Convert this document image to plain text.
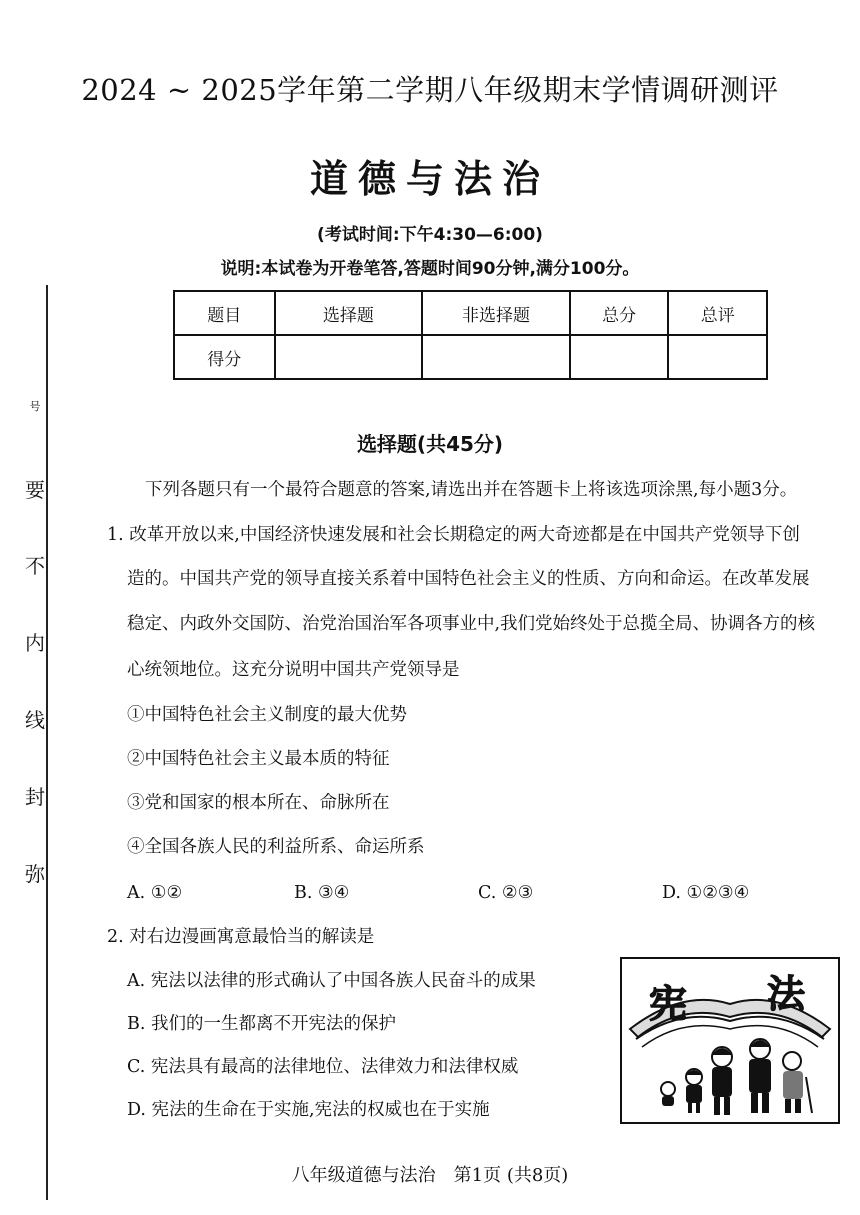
2024 ~ 2025学年第二学期八年级期末学情调研测评
道德与法治
(考试时间:下午4:30—6:00)
说明:本试卷为开卷笔答,答题时间90分钟,满分100分。
题目	选择题	非选择题	总分	总评
得分				
号
要
不
内
线
封
弥
选择题(共45分)
下列各题只有一个最符合题意的答案,请选出并在答题卡上将该选项涂黑,每小题3分。
1. 改革开放以来,中国经济快速发展和社会长期稳定的两大奇迹都是在中国共产党领导下创
造的。中国共产党的领导直接关系着中国特色社会主义的性质、方向和命运。在改革发展
稳定、内政外交国防、治党治国治军各项事业中,我们党始终处于总揽全局、协调各方的核
心统领地位。这充分说明中国共产党领导是
①中国特色社会主义制度的最大优势
②中国特色社会主义最本质的特征
③党和国家的根本所在、命脉所在
④全国各族人民的利益所系、命运所系
A. ①②	B. ③④	C. ②③	D. ①②③④
2. 对右边漫画寓意最恰当的解读是
A. 宪法以法律的形式确认了中国各族人民奋斗的成果
B. 我们的一生都离不开宪法的保护
C. 宪法具有最高的法律地位、法律效力和法律权威
D. 宪法的生命在于实施,宪法的权威也在于实施
宪 法
八年级道德与法治　第1页 (共8页)
